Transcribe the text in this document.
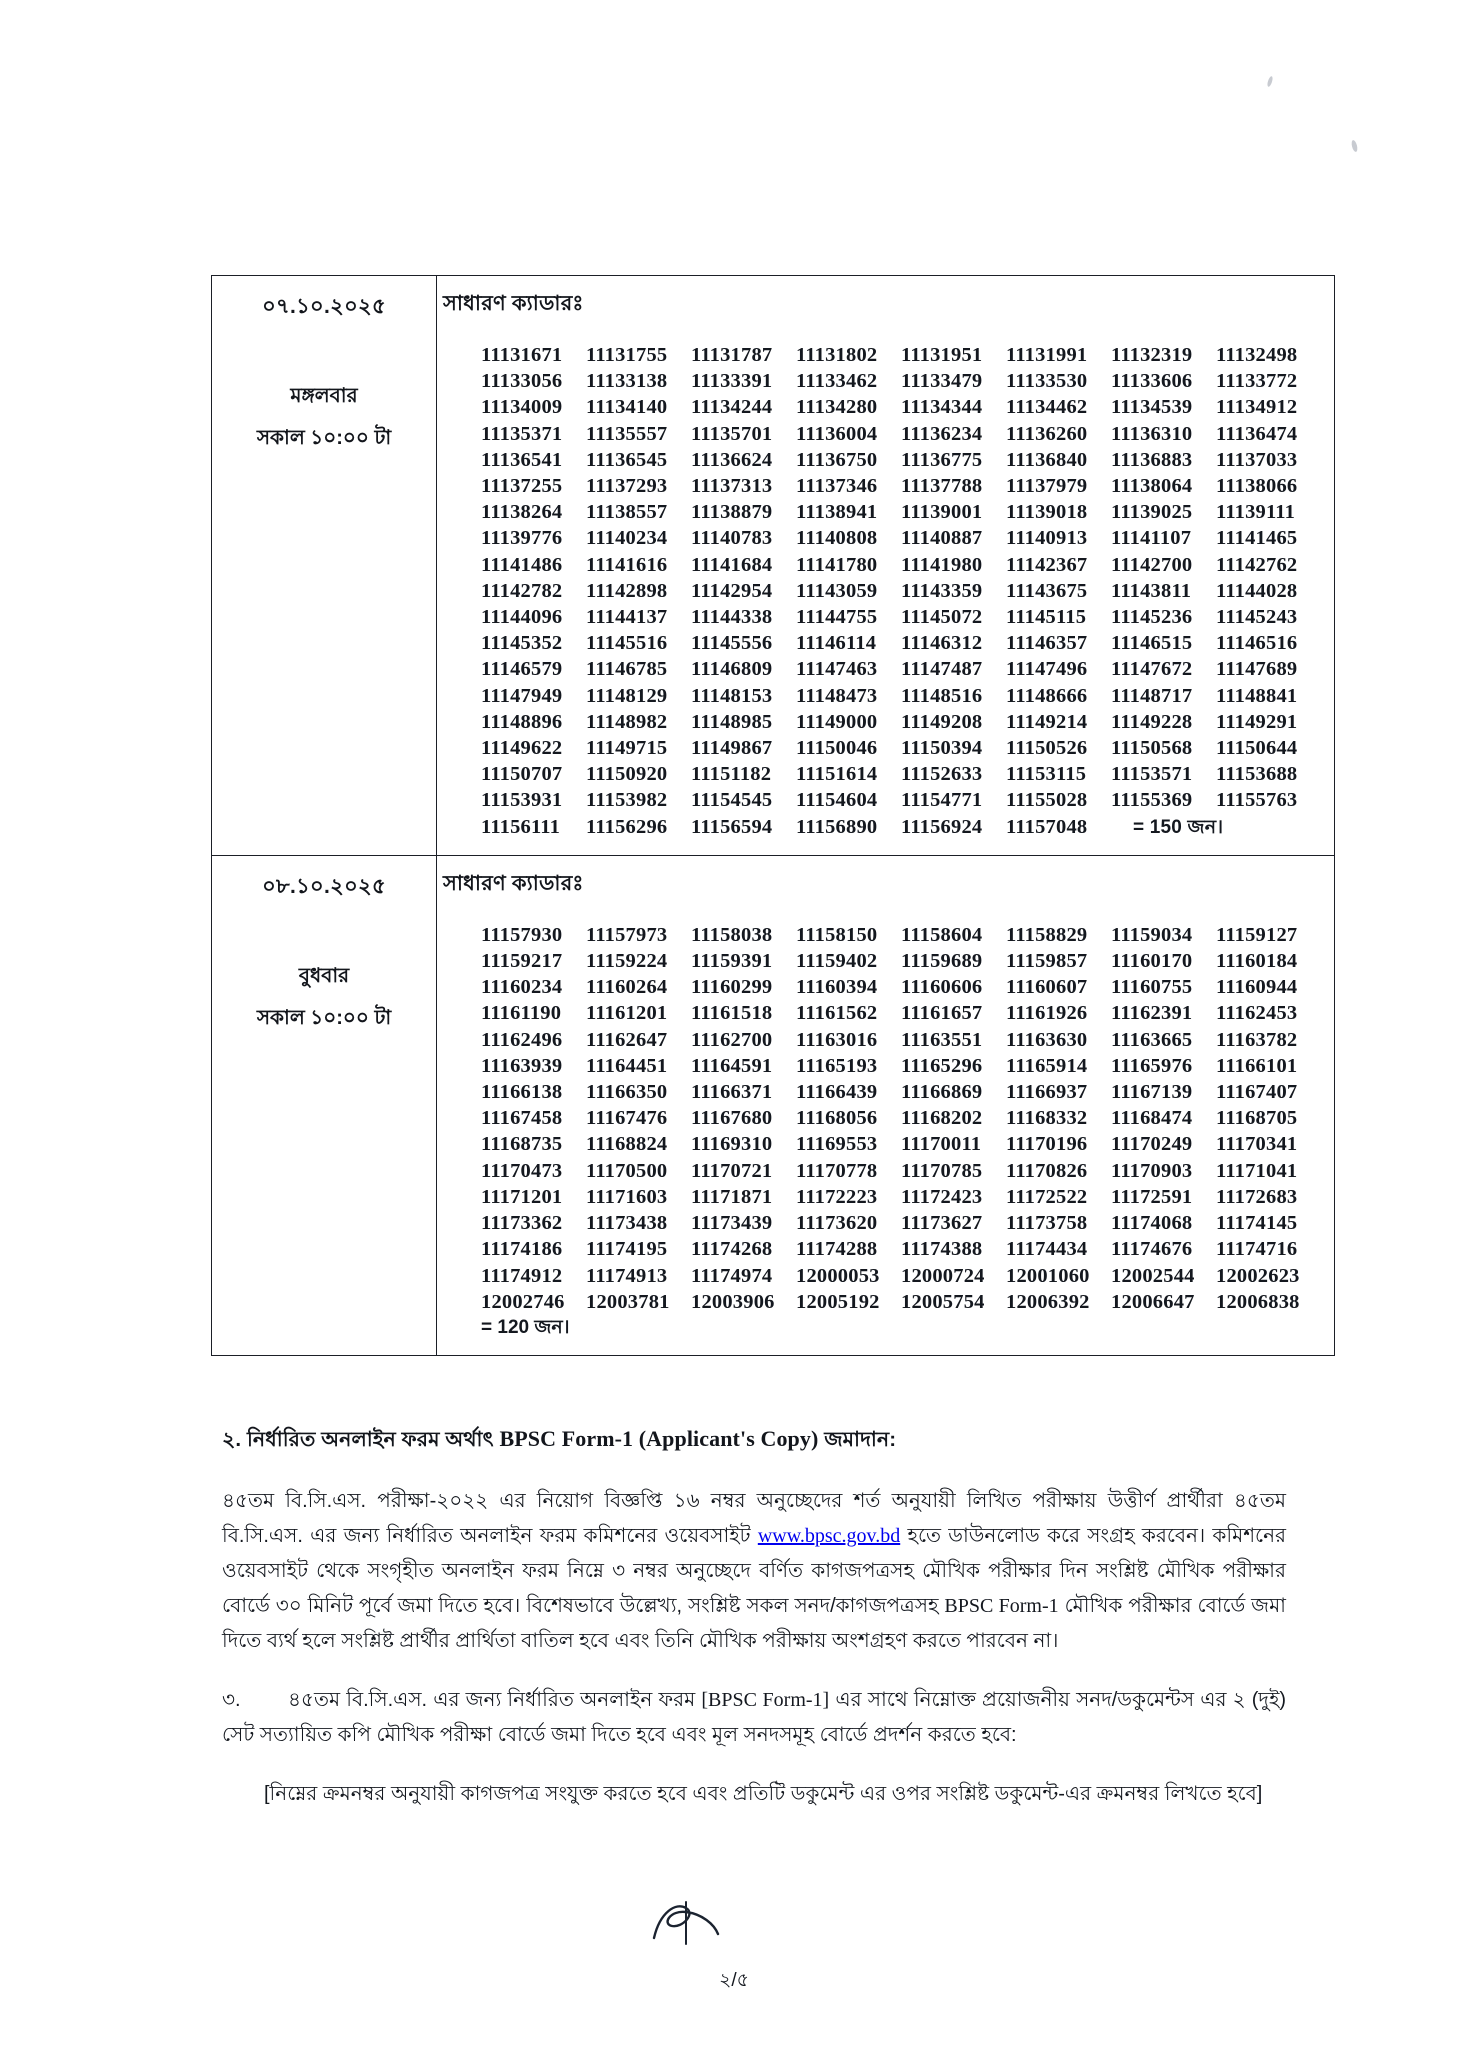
০৭.১০.২০২৫
মঙ্গলবার
সকাল ১০:০০ টা

সাধারণ ক্যাডারঃ
11131671 11131755 11131787 11131802 11131951 11131991 11132319 11132498
11133056 11133138 11133391 11133462 11133479 11133530 11133606 11133772
11134009 11134140 11134244 11134280 11134344 11134462 11134539 11134912
11135371 11135557 11135701 11136004 11136234 11136260 11136310 11136474
11136541 11136545 11136624 11136750 11136775 11136840 11136883 11137033
11137255 11137293 11137313 11137346 11137788 11137979 11138064 11138066
11138264 11138557 11138879 11138941 11139001 11139018 11139025 11139111
11139776 11140234 11140783 11140808 11140887 11140913 11141107 11141465
11141486 11141616 11141684 11141780 11141980 11142367 11142700 11142762
11142782 11142898 11142954 11143059 11143359 11143675 11143811 11144028
11144096 11144137 11144338 11144755 11145072 11145115 11145236 11145243
11145352 11145516 11145556 11146114 11146312 11146357 11146515 11146516
11146579 11146785 11146809 11147463 11147487 11147496 11147672 11147689
11147949 11148129 11148153 11148473 11148516 11148666 11148717 11148841
11148896 11148982 11148985 11149000 11149208 11149214 11149228 11149291
11149622 11149715 11149867 11150046 11150394 11150526 11150568 11150644
11150707 11150920 11151182 11151614 11152633 11153115 11153571 11153688
11153931 11153982 11154545 11154604 11154771 11155028 11155369 11155763
11156111 11156296 11156594 11156890 11156924 11157048 = 150 জন।

০৮.১০.২০২৫
বুধবার
সকাল ১০:০০ টা

সাধারণ ক্যাডারঃ
11157930 11157973 11158038 11158150 11158604 11158829 11159034 11159127
11159217 11159224 11159391 11159402 11159689 11159857 11160170 11160184
11160234 11160264 11160299 11160394 11160606 11160607 11160755 11160944
11161190 11161201 11161518 11161562 11161657 11161926 11162391 11162453
11162496 11162647 11162700 11163016 11163551 11163630 11163665 11163782
11163939 11164451 11164591 11165193 11165296 11165914 11165976 11166101
11166138 11166350 11166371 11166439 11166869 11166937 11167139 11167407
11167458 11167476 11167680 11168056 11168202 11168332 11168474 11168705
11168735 11168824 11169310 11169553 11170011 11170196 11170249 11170341
11170473 11170500 11170721 11170778 11170785 11170826 11170903 11171041
11171201 11171603 11171871 11172223 11172423 11172522 11172591 11172683
11173362 11173438 11173439 11173620 11173627 11173758 11174068 11174145
11174186 11174195 11174268 11174288 11174388 11174434 11174676 11174716
11174912 11174913 11174974 12000053 12000724 12001060 12002544 12002623
12002746 12003781 12003906 12005192 12005754 12006392 12006647 12006838
= 120 জন।
২. নির্ধারিত অনলাইন ফরম অর্থাৎ BPSC Form-1 (Applicant's Copy) জমাদান:
৪৫তম বি.সি.এস. পরীক্ষা-২০২২ এর নিয়োগ বিজ্ঞপ্তি ১৬ নম্বর অনুচ্ছেদের শর্ত অনুযায়ী লিখিত পরীক্ষায় উত্তীর্ণ প্রার্থীরা ৪৫তম বি.সি.এস. এর জন্য নির্ধারিত অনলাইন ফরম কমিশনের ওয়েবসাইট www.bpsc.gov.bd হতে ডাউনলোড করে সংগ্রহ করবেন। কমিশনের ওয়েবসাইট থেকে সংগৃহীত অনলাইন ফরম নিম্নে ৩ নম্বর অনুচ্ছেদে বর্ণিত কাগজপত্রসহ মৌখিক পরীক্ষার দিন সংশ্লিষ্ট মৌখিক পরীক্ষার বোর্ডে ৩০ মিনিট পূর্বে জমা দিতে হবে। বিশেষভাবে উল্লেখ্য, সংশ্লিষ্ট সকল সনদ/কাগজপত্রসহ BPSC Form-1 মৌখিক পরীক্ষার বোর্ডে জমা দিতে ব্যর্থ হলে সংশ্লিষ্ট প্রার্থীর প্রার্থিতা বাতিল হবে এবং তিনি মৌখিক পরীক্ষায় অংশগ্রহণ করতে পারবেন না।
৩. ৪৫তম বি.সি.এস. এর জন্য নির্ধারিত অনলাইন ফরম [BPSC Form-1] এর সাথে নিম্নোক্ত প্রয়োজনীয় সনদ/ডকুমেন্টস এর ২ (দুই) সেট সত্যায়িত কপি মৌখিক পরীক্ষা বোর্ডে জমা দিতে হবে এবং মূল সনদসমূহ বোর্ডে প্রদর্শন করতে হবে:
[নিম্নের ক্রমনম্বর অনুযায়ী কাগজপত্র সংযুক্ত করতে হবে এবং প্রতিটি ডকুমেন্ট এর ওপর সংশ্লিষ্ট ডকুমেন্ট-এর ক্রমনম্বর লিখতে হবে]
২/৫
